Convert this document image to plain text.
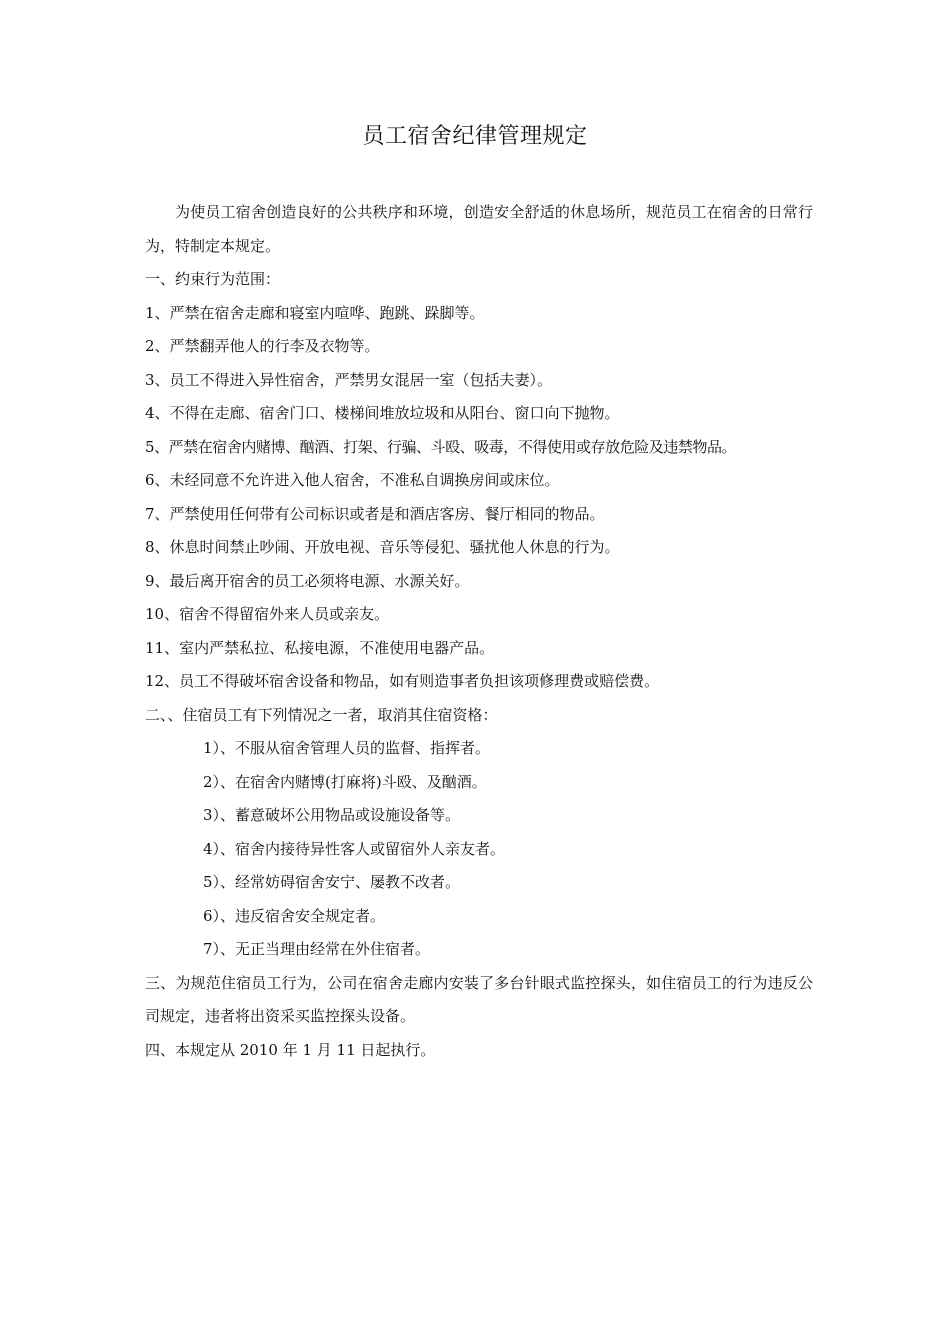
员工宿舍纪律管理规定

为使员工宿舍创造良好的公共秩序和环境，创造安全舒适的休息场所，规范员工在宿舍的日常行为，特制定本规定。

一、约束行为范围：

1、严禁在宿舍走廊和寝室内喧哗、跑跳、跺脚等。

2、严禁翻弄他人的行李及衣物等。

3、员工不得进入异性宿舍，严禁男女混居一室（包括夫妻）。

4、不得在走廊、宿舍门口、楼梯间堆放垃圾和从阳台、窗口向下抛物。

5、严禁在宿舍内赌博、酗酒、打架、行骗、斗殴、吸毒，不得使用或存放危险及违禁物品。

6、未经同意不允许进入他人宿舍，不准私自调换房间或床位。

7、严禁使用任何带有公司标识或者是和酒店客房、餐厅相同的物品。

8、休息时间禁止吵闹、开放电视、音乐等侵犯、骚扰他人休息的行为。

9、最后离开宿舍的员工必须将电源、水源关好。

10、宿舍不得留宿外来人员或亲友。

11、室内严禁私拉、私接电源，不准使用电器产品。

12、员工不得破坏宿舍设备和物品，如有则造事者负担该项修理费或赔偿费。

二、、住宿员工有下列情况之一者，取消其住宿资格：

1）、不服从宿舍管理人员的监督、指挥者。

2）、在宿舍内赌博(打麻将)斗殴、及酗酒。

3）、蓄意破坏公用物品或设施设备等。

4）、宿舍内接待异性客人或留宿外人亲友者。

5）、经常妨碍宿舍安宁、屡教不改者。

6）、违反宿舍安全规定者。

7）、无正当理由经常在外住宿者。

三、为规范住宿员工行为，公司在宿舍走廊内安装了多台针眼式监控探头，如住宿员工的行为违反公司规定，违者将出资采买监控探头设备。

四、本规定从 2010 年 1 月 11 日起执行。
